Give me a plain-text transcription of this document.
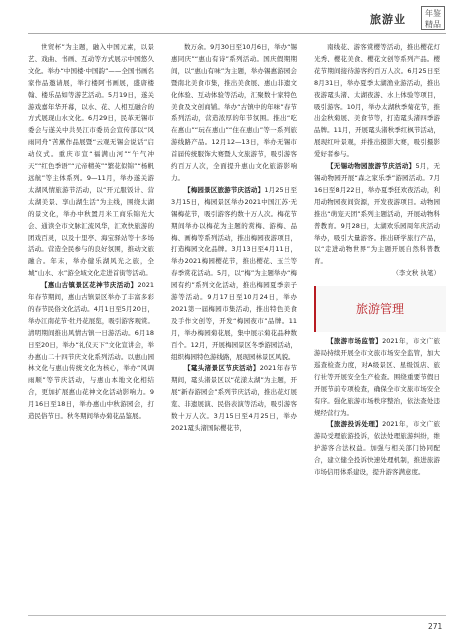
旅游业	年鉴精品

世贸杯”为主题，融入中国元素，以景艺、戏曲、书画、互动等方式展示中国悠久文化。举办“中国楼·中国韵”——全国书画名家作品邀请展，举行楼阿书画展，盛唐楼翰、楼乐品如等游艺活动。5月19日，遂关游戏嘉年华开幕，以水、花、人相互融合的方式展现山水文化。6月29日，民革无锡市委会与遂关中共吴江市委员会宣传部以“风雨同舟”苦薰作品展暨“云观无锡会说话”启动仪式。重庆市宣“福满山河”“午气冲天”“红色季语”“元帝精英”“繁花似锦”“杨帆远航”等主体系列。9—11月，举办遂关游太湖风情旅游节活动，以“开元服饭计、营太湖美景、享山湖生活”为主线，围绕太湖的景文化，举办中秋置月米工商乐锦光大会、通读全市文脉汇流风华，汇欢快旅游的团戏百灵，以及十里亭、海宝驿站等十多场活动。营造全民参与的良好氛围，推动文旅融合。年末，举办健乐湖风光之旅，全城“山水、水”游全域文化走进首街等活动。

【惠山古镇景区花神节庆活动】2021年春节期间，惠山古镇景区举办了丰富多彩的春节民俗文化活动。4月1日至5月20日，举办江南花节·牡丹花展览，吸引游客观赏。清明期间推出风情古镇一日游活动。6月18日至20日，举办“礼仪天下”文化宣讲会，举办惠山二十四节庆文化系列活动。以惠山园林文化与惠山传统文化为核心，举办“风调雨顺”等节庆活动，与惠山本地文化相结合，更加扩展惠山花神文化活动影响力。9月16日至18日，举办惠山中秋游园会，打造民俗节日。秋冬期间举办菊花品鉴展。

数万余。9月30日至10月6日，举办“锡惠同庆”“惠山有诗”系列活动。国庆假期期间，以“惠山有味”为主题，举办锡惠游园会暨南北美食市集，推出美食展、惠山非遗文化体验、互动体验等活动，汇聚数十家特色美食及文创商铺。举办“古镇中的年味”春节系列活动，营造浓厚的年节氛围。推出“吃在惠山”“玩在惠山”“住在惠山”等一系列旅游线路产品。12月12—13日，举办无锡市首届传统服饰大赛暨人文旅游节，吸引游客约百万人次，全面提升惠山文化旅游影响力。

【梅园景区旅游节庆活动】1月25日至3月15日，梅园景区举办2021中国江苏·无锡梅花节，吸引游客约数十万人次。梅花节期间举办以梅花为主题的赏梅、游梅、品梅、画梅等系列活动，推出梅园夜游项目，打造梅园文化品牌。3月13日至4月11日，举办2021梅园樱花节，推出樱花、玉兰等春季赏花活动。5月，以“梅”为主题举办“梅园有约”系列文化活动，推出梅园夏季亲子游等活动。9月17日至10月24日，举办2021第一届梅园市集活动，推出特色美食及手作文创等，开发“梅园夜市”品牌。11月，举办梅园菊花展，集中展示菊花品种数百个。12月，开展梅园景区冬季游园活动，组织梅园特色游线路，展现园林景区风貌。

【鼋头渚景区节庆活动】2021年春节期间，鼋头渚景区以“花漾太湖”为主题，开展“新春游园会”系列节庆活动，推出花灯展览、非遗展演、民俗表演等活动，吸引游客数十万人次。3月15日至4月25日，举办2021鼋头渚国际樱花节，

南线花、游客赏樱等活动，推出樱花灯光秀、樱花美食、樱花文创等系列产品。樱花节期间接待游客约百万人次。6月25日至8月31日，举办夏季太湖渔业游活动，推出夜游鼋头渚、太湖夜游、水上体验等项目，吸引游客。10月，举办太湖秋季菊花节，推出金秋菊展、美食节等，打造鼋头渚四季游品牌。11月，开展鼋头渚秋季红枫节活动，展现红叶景观，并推出摄影大赛，吸引摄影爱好者参与。

【无锡动物园旅游节庆活动】5月，无锡动物园开展“森之家乐季”游园活动。7月16日至8月22日，举办夏季狂欢夜活动，利用动物园夜间资源，开发夜游项目。动物园推出“萌宠天团”系列主题活动，开展动物科普教育。9月28日，太湖欢乐园周年庆活动举办，吸引大量游客。推出研学旅行产品，以“走进动物世界”为主题开展自然科普教育。

（李文秋 执笔）

旅游管理
271

【旅游市场监管】2021年，市文广旅游局持续开展全市文旅市场安全监管，加大巡查检查力度，对A级景区、星级饭店、旅行社等开展安全生产检查。围绕重要节假日开展节前专项检查，确保全市文旅市场安全有序。强化旅游市场秩序整治，依法查处违规经营行为。

【旅游投诉处理】2021年，市文广旅游局受理旅游投诉，依法处理旅游纠纷，维护游客合法权益。加强与相关部门协同配合，建立健全投诉快速处理机制，推进旅游市场信用体系建设，提升游客满意度。
